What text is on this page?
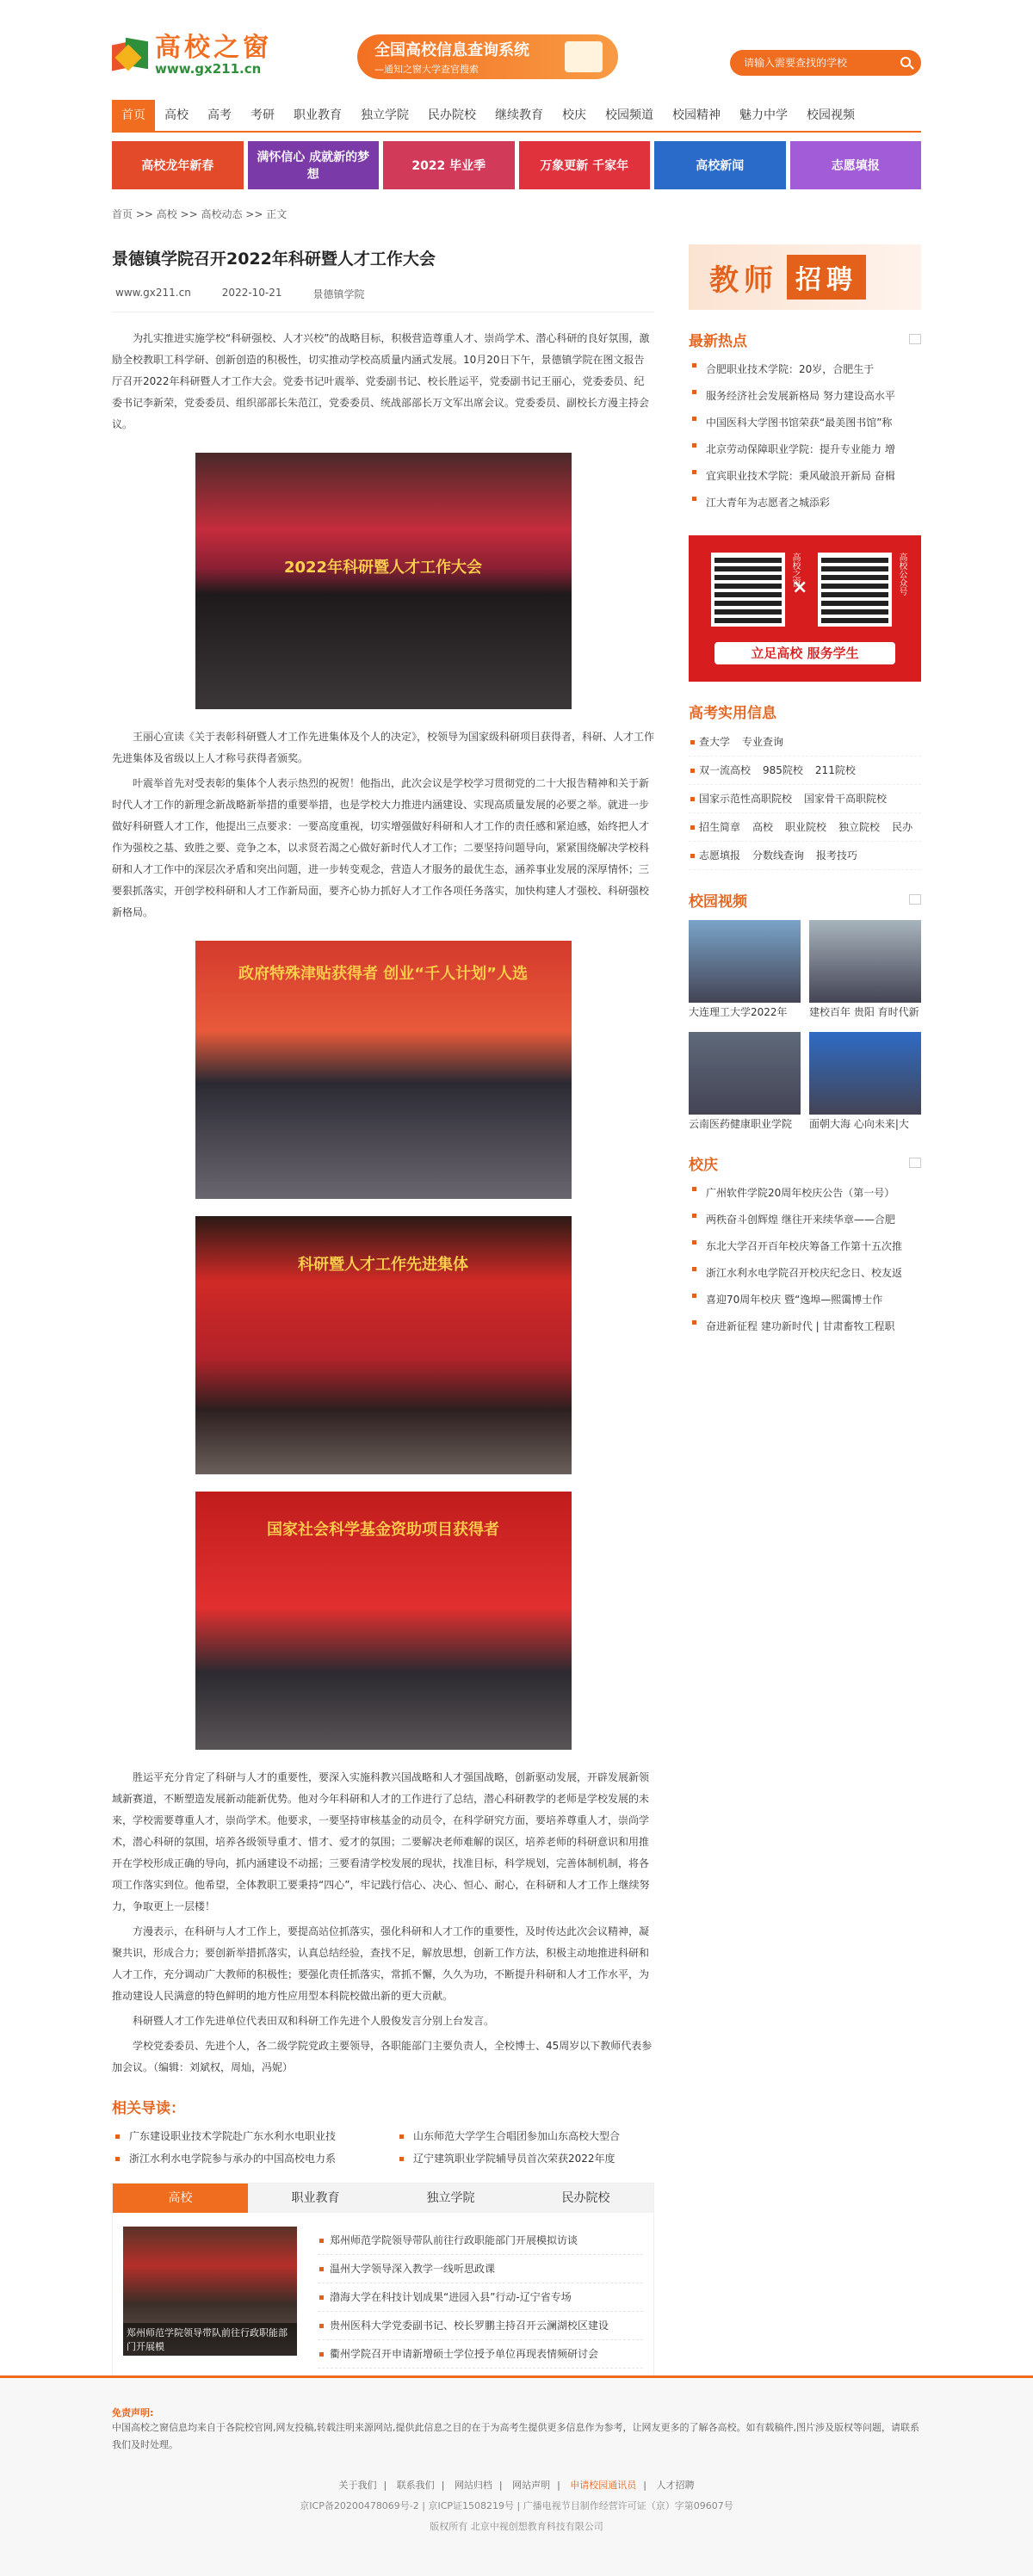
高校之窗
www.gx211.cn
全国高校信息查询系统
—通知之窗大学查官搜索
请输入需要查找的学校
首页	高校	高考	考研	职业教育	独立学院	民办院校	继续教育	校庆	校园频道	校园精神	魅力中学	校园视频
高校龙年新春
满怀信心 成就新的梦想
2022 毕业季	万象更新 千家年	高校新闻	志愿填报
首页 >> 高校 >> 高校动态 >> 正文
景德镇学院召开2022年科研暨人才工作大会
www.gx211.cn	2022-10-21	景德镇学院

为扎实推进实施学校“科研强校、人才兴校”的战略目标，积极营造尊重人才、崇尚学术、潜心科研的良好氛围，激励全校教职工科学研、创新创造的积极性，切实推动学校高质量内涵式发展。10月20日下午，景德镇学院在图文报告厅召开2022年科研暨人才工作大会。党委书记叶震举、党委副书记、校长胜运平，党委副书记王丽心，党委委员、纪委书记李新荣，党委委员、组织部部长朱范江，党委委员、统战部部长万文军出席会议。党委委员、副校长方漫主持会议。

2022年科研暨人才工作大会

王丽心宣读《关于表彰科研暨人才工作先进集体及个人的决定》，校领导为国家级科研项目获得者，科研、人才工作先进集体及省级以上人才称号获得者颁奖。

叶震举首先对受表彰的集体个人表示热烈的祝贺！他指出，此次会议是学校学习贯彻党的二十大报告精神和关于新时代人才工作的新理念新战略新举措的重要举措，也是学校大力推进内涵建设、实现高质量发展的必要之举。就进一步做好科研暨人才工作，他提出三点要求：一要高度重视，切实增强做好科研和人才工作的责任感和紧迫感，始终把人才作为强校之基、致胜之要、竞争之本，以求贤若渴之心做好新时代人才工作；二要坚持问题导向，紧紧围绕解决学校科研和人才工作中的深层次矛盾和突出问题，进一步转变观念，营造人才服务的最优生态，涵养事业发展的深厚情怀；三要狠抓落实，开创学校科研和人才工作新局面，要齐心协力抓好人才工作各项任务落实，加快构建人才强校、科研强校新格局。

政府特殊津贴获得者 创业“千人计划”人选
科研暨人才工作先进集体
国家社会科学基金资助项目获得者

胜运平充分肯定了科研与人才的重要性，要深入实施科教兴国战略和人才强国战略，创新驱动发展，开辟发展新领域新赛道，不断塑造发展新动能新优势。他对今年科研和人才的工作进行了总结，潜心科研教学的老师是学校发展的未来，学校需要尊重人才，崇尚学术。他要求，一要坚持审核基金的动员令，在科学研究方面，要培养尊重人才，崇尚学术，潜心科研的氛围，培养各级领导重才、惜才、爱才的氛围；二要解决老师难解的误区，培养老师的科研意识和用推开在学校形成正确的导向，抓内涵建设不动摇；三要看清学校发展的现状，找准目标，科学规划，完善体制机制，将各项工作落实到位。他希望，全体教职工要秉持“四心”，牢记践行信心、决心、恒心、耐心，在科研和人才工作上继续努力，争取更上一层楼！

方漫表示，在科研与人才工作上，要提高站位抓落实，强化科研和人才工作的重要性，及时传达此次会议精神，凝聚共识，形成合力；要创新举措抓落实，认真总结经验，查找不足，解放思想，创新工作方法，积极主动地推进科研和人才工作，充分调动广大教师的积极性；要强化责任抓落实，常抓不懈，久久为功，不断提升科研和人才工作水平，为推动建设人民满意的特色鲜明的地方性应用型本科院校做出新的更大贡献。

科研暨人才工作先进单位代表田双和科研工作先进个人殷俊发言分别上台发言。

学校党委委员、先进个人，各二级学院党政主要领导，各职能部门主要负责人，全校博士、45周岁以下教师代表参加会议。（编辑：刘斌权，周灿，冯妮）

相关导读：
广东建设职业技术学院赴广东水利水电职业技	山东师范大学学生合唱团参加山东高校大型合
浙江水利水电学院参与承办的中国高校电力系	辽宁建筑职业学院辅导员首次荣获2022年度
高校	职业教育	独立学院	民办院校
郑州师范学院领导带队前往行政职能部门开展模
郑州师范学院领导带队前往行政职能部门开展模拟访谈
温州大学领导深入教学一线听思政课
渤海大学在科技计划成果“进园入县”行动-辽宁省专场
贵州医科大学党委副书记、校长罗鹏主持召开云澜湖校区建设
衢州学院召开申请新增硕士学位授予单位再现表情频研讨会
教师 招聘
最新热点
合肥职业技术学院：20岁，合肥生于
服务经济社会发展新格局 努力建设高水平
中国医科大学图书馆荣获“最美图书馆”称
北京劳动保障职业学院：提升专业能力 增
宜宾职业技术学院：秉风破浪开新局 奋楫
江大青年为志愿者之城添彩
高校之窗
×	高校公众号
立足高校 服务学生
高考实用信息
查大学 专业查询
双一流高校 985院校 211院校
国家示范性高职院校 国家骨干高职院校
招生简章 高校 职业院校 独立院校 民办
志愿填报 分数线查询 报考技巧
校园视频
大连理工大学2022年	建校百年 贵阳 育时代新
云南医药健康职业学院	面朝大海 心向未来|大
校庆
广州软件学院20周年校庆公告（第一号）
两秩奋斗创辉煌 继往开来续华章——合肥
东北大学召开百年校庆筹备工作第十五次推
浙江水利水电学院召开校庆纪念日、校友返
喜迎70周年校庆 暨“逸埠—熙霭博士作
奋进新征程 建功新时代 | 甘肃畜牧工程职
免责声明:
中国高校之窗信息均来自于各院校官网,网友投稿,转载注明来源网站,提供此信息之目的在于为高考生提供更多信息作为参考，让网友更多的了解各高校。如有载稿件,图片涉及版权等问题，请联系我们及时处理。
关于我们 | 联系我们 | 网站归档 | 网站声明 | 申请校园通讯员 | 人才招聘
京ICP备20200478069号-2 | 京ICP证1508219号 | 广播电视节目制作经营许可证（京）字第09607号
版权所有 北京中视创想教育科技有限公司
